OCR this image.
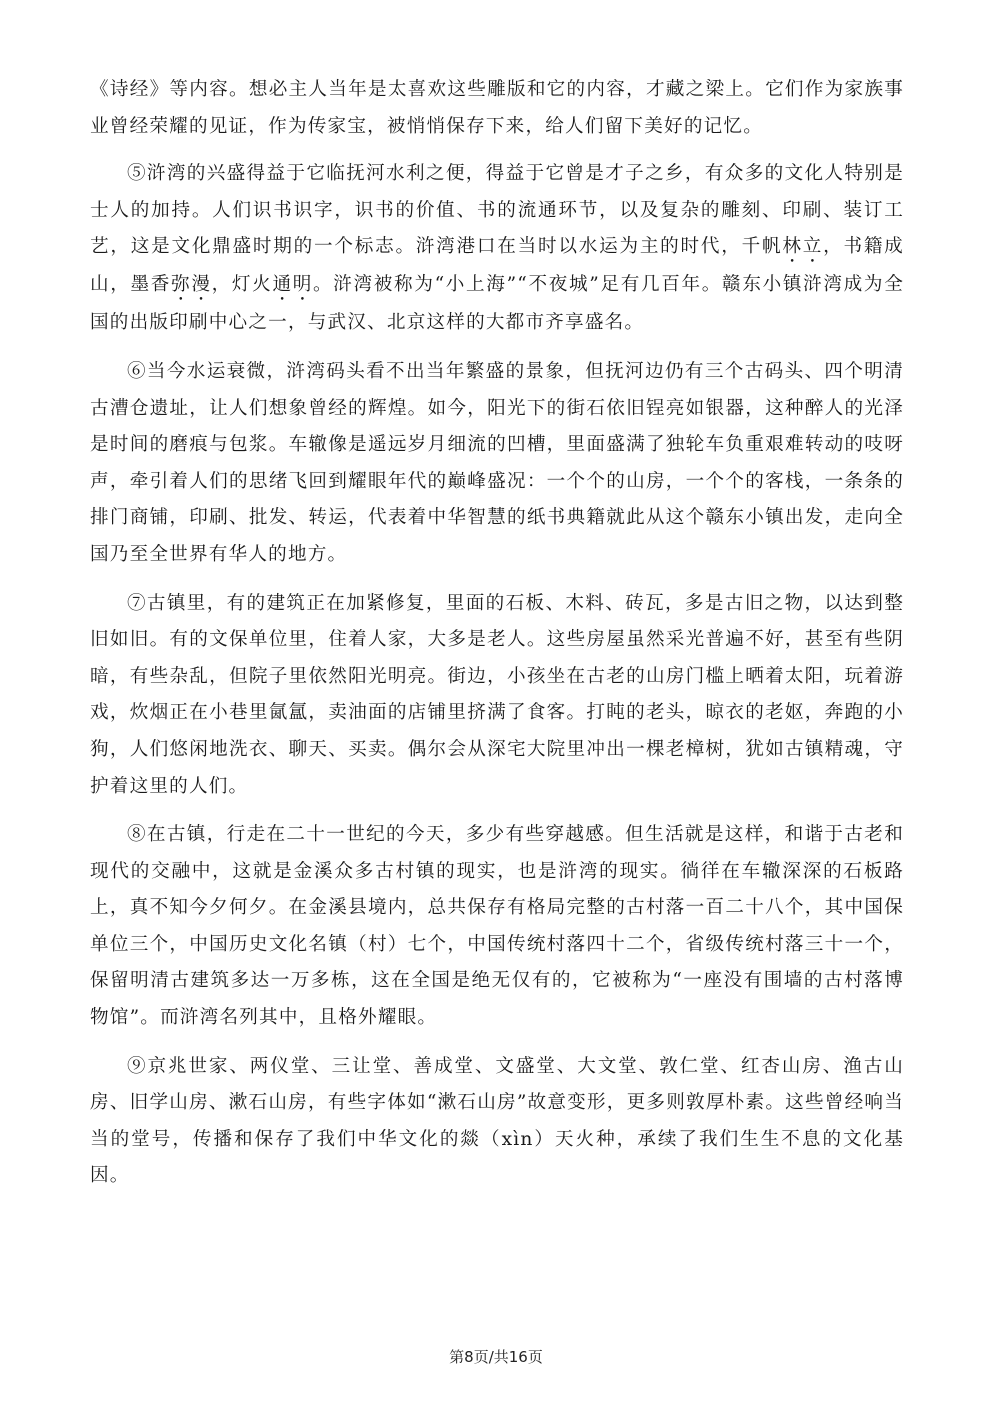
《诗经》等内容。想必主人当年是太喜欢这些雕版和它的内容，才藏之梁上。它们作为家族事业曾经荣耀的见证，作为传家宝，被悄悄保存下来，给人们留下美好的记忆。

⑤浒湾的兴盛得益于它临抚河水利之便，得益于它曾是才子之乡，有众多的文化人特别是士人的加持。人们识书识字，识书的价值、书的流通环节，以及复杂的雕刻、印刷、装订工艺，这是文化鼎盛时期的一个标志。浒湾港口在当时以水运为主的时代，千帆林立，书籍成山，墨香弥漫，灯火通明。浒湾被称为“小上海”“不夜城”足有几百年。赣东小镇浒湾成为全国的出版印刷中心之一，与武汉、北京这样的大都市齐享盛名。

⑥当今水运衰微，浒湾码头看不出当年繁盛的景象，但抚河边仍有三个古码头、四个明清古漕仓遗址，让人们想象曾经的辉煌。如今，阳光下的街石依旧锃亮如银器，这种醉人的光泽是时间的磨痕与包浆。车辙像是遥远岁月细流的凹槽，里面盛满了独轮车负重艰难转动的吱呀声，牵引着人们的思绪飞回到耀眼年代的巅峰盛况：一个个的山房，一个个的客栈，一条条的排门商铺，印刷、批发、转运，代表着中华智慧的纸书典籍就此从这个赣东小镇出发，走向全国乃至全世界有华人的地方。

⑦古镇里，有的建筑正在加紧修复，里面的石板、木料、砖瓦，多是古旧之物，以达到整旧如旧。有的文保单位里，住着人家，大多是老人。这些房屋虽然采光普遍不好，甚至有些阴暗，有些杂乱，但院子里依然阳光明亮。街边，小孩坐在古老的山房门槛上晒着太阳，玩着游戏，炊烟正在小巷里氤氲，卖油面的店铺里挤满了食客。打盹的老头，晾衣的老妪，奔跑的小狗，人们悠闲地洗衣、聊天、买卖。偶尔会从深宅大院里冲出一棵老樟树，犹如古镇精魂，守护着这里的人们。

⑧在古镇，行走在二十一世纪的今天，多少有些穿越感。但生活就是这样，和谐于古老和现代的交融中，这就是金溪众多古村镇的现实，也是浒湾的现实。徜徉在车辙深深的石板路上，真不知今夕何夕。在金溪县境内，总共保存有格局完整的古村落一百二十八个，其中国保单位三个，中国历史文化名镇（村）七个，中国传统村落四十二个，省级传统村落三十一个，保留明清古建筑多达一万多栋，这在全国是绝无仅有的，它被称为“一座没有围墙的古村落博物馆”。而浒湾名列其中，且格外耀眼。

⑨京兆世家、两仪堂、三让堂、善成堂、文盛堂、大文堂、敦仁堂、红杏山房、渔古山房、旧学山房、漱石山房，有些字体如“漱石山房”故意变形，更多则敦厚朴素。这些曾经响当当的堂号，传播和保存了我们中华文化的燚（xìn）天火种，承续了我们生生不息的文化基因。

第8页/共16页
